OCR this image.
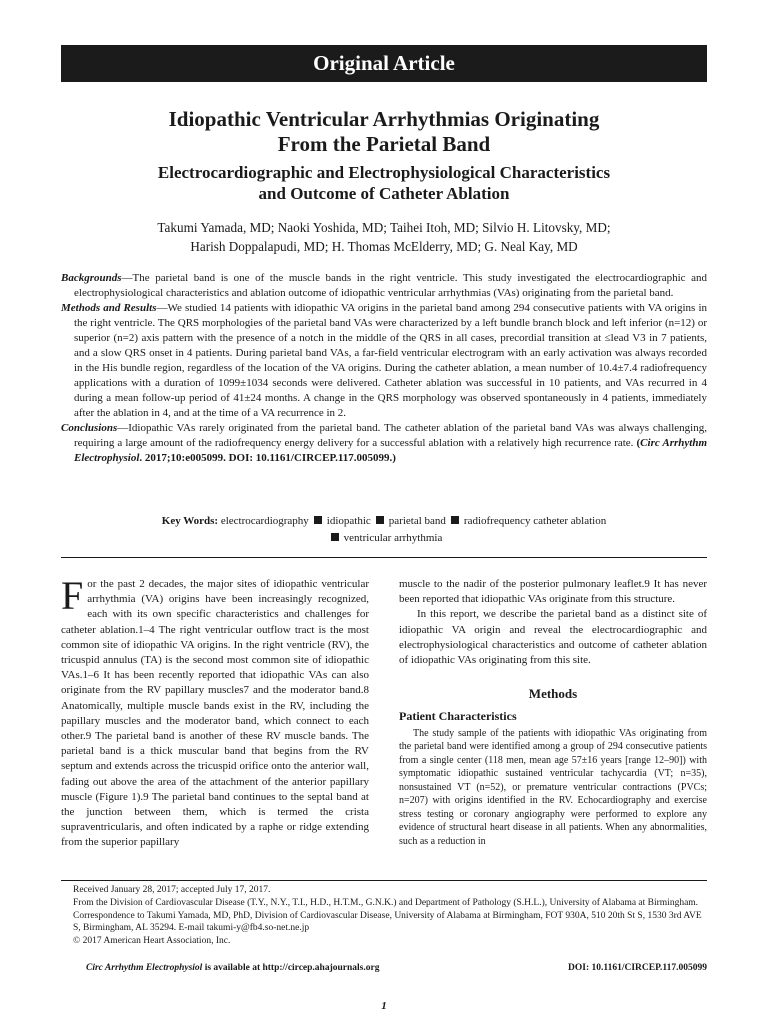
Original Article
Idiopathic Ventricular Arrhythmias Originating
From the Parietal Band
Electrocardiographic and Electrophysiological Characteristics
and Outcome of Catheter Ablation
Takumi Yamada, MD; Naoki Yoshida, MD; Taihei Itoh, MD; Silvio H. Litovsky, MD;
Harish Doppalapudi, MD; H. Thomas McElderry, MD; G. Neal Kay, MD

Backgrounds—The parietal band is one of the muscle bands in the right ventricle. This study investigated the electrocardiographic and electrophysiological characteristics and ablation outcome of idiopathic ventricular arrhythmias (VAs) originating from the parietal band.

Methods and Results—We studied 14 patients with idiopathic VA origins in the parietal band among 294 consecutive patients with VA origins in the right ventricle. The QRS morphologies of the parietal band VAs were characterized by a left bundle branch block and left inferior (n=12) or superior (n=2) axis pattern with the presence of a notch in the middle of the QRS in all cases, precordial transition at ≤lead V3 in 7 patients, and a slow QRS onset in 4 patients. During parietal band VAs, a far-field ventricular electrogram with an early activation was always recorded in the His bundle region, regardless of the location of the VA origins. During the catheter ablation, a mean number of 10.4±7.4 radiofrequency applications with a duration of 1099±1034 seconds were delivered. Catheter ablation was successful in 10 patients, and VAs recurred in 4 during a mean follow-up period of 41±24 months. A change in the QRS morphology was observed spontaneously in 4 patients, immediately after the ablation in 4, and at the time of a VA recurrence in 2.

Conclusions—Idiopathic VAs rarely originated from the parietal band. The catheter ablation of the parietal band VAs was always challenging, requiring a large amount of the radiofrequency energy delivery for a successful ablation with a relatively high recurrence rate. (Circ Arrhythm Electrophysiol. 2017;10:e005099. DOI: 10.1161/CIRCEP.117.005099.)

Key Words: electrocardiography idiopathic parietal band radiofrequency catheter ablation
ventricular arrhythmia

For the past 2 decades, the major sites of idiopathic ventricular arrhythmia (VA) origins have been increasingly recognized, each with its own specific characteristics and challenges for catheter ablation.1–4 The right ventricular outflow tract is the most common site of idiopathic VA origins. In the right ventricle (RV), the tricuspid annulus (TA) is the second most common site of idiopathic VAs.1–6 It has been recently reported that idiopathic VAs can also originate from the RV papillary muscles7 and the moderator band.8 Anatomically, multiple muscle bands exist in the RV, including the papillary muscles and the moderator band, which connect to each other.9 The parietal band is another of these RV muscle bands. The parietal band is a thick muscular band that begins from the RV septum and extends across the tricuspid orifice onto the anterior wall, fading out above the area of the attachment of the anterior papillary muscle (Figure 1).9 The parietal band continues to the septal band at the junction between them, which is termed the crista supraventricularis, and often indicated by a raphe or ridge extending from the superior papillary

muscle to the nadir of the posterior pulmonary leaflet.9 It has never been reported that idiopathic VAs originate from this structure.

In this report, we describe the parietal band as a distinct site of idiopathic VA origin and reveal the electrocardiographic and electrophysiological characteristics and outcome of catheter ablation of idiopathic VAs originating from this site.

Methods
Patient Characteristics

The study sample of the patients with idiopathic VAs originating from the parietal band were identified among a group of 294 consecutive patients from a single center (118 men, mean age 57±16 years [range 12–90]) with symptomatic idiopathic sustained ventricular tachycardia (VT; n=35), nonsustained VT (n=52), or premature ventricular contractions (PVCs; n=207) with origins identified in the RV. Echocardiography and exercise stress testing or coronary angiography were performed to explore any evidence of structural heart disease in all patients. When any abnormalities, such as a reduction in

Received January 28, 2017; accepted July 17, 2017.

From the Division of Cardiovascular Disease (T.Y., N.Y., T.I., H.D., H.T.M., G.N.K.) and Department of Pathology (S.H.L.), University of Alabama at Birmingham.

Correspondence to Takumi Yamada, MD, PhD, Division of Cardiovascular Disease, University of Alabama at Birmingham, FOT 930A, 510 20th St S, 1530 3rd AVE S, Birmingham, AL 35294. E-mail takumi-y@fb4.so-net.ne.jp

© 2017 American Heart Association, Inc.

Circ Arrhythm Electrophysiol is available at http://circep.ahajournals.org	DOI: 10.1161/CIRCEP.117.005099
1
